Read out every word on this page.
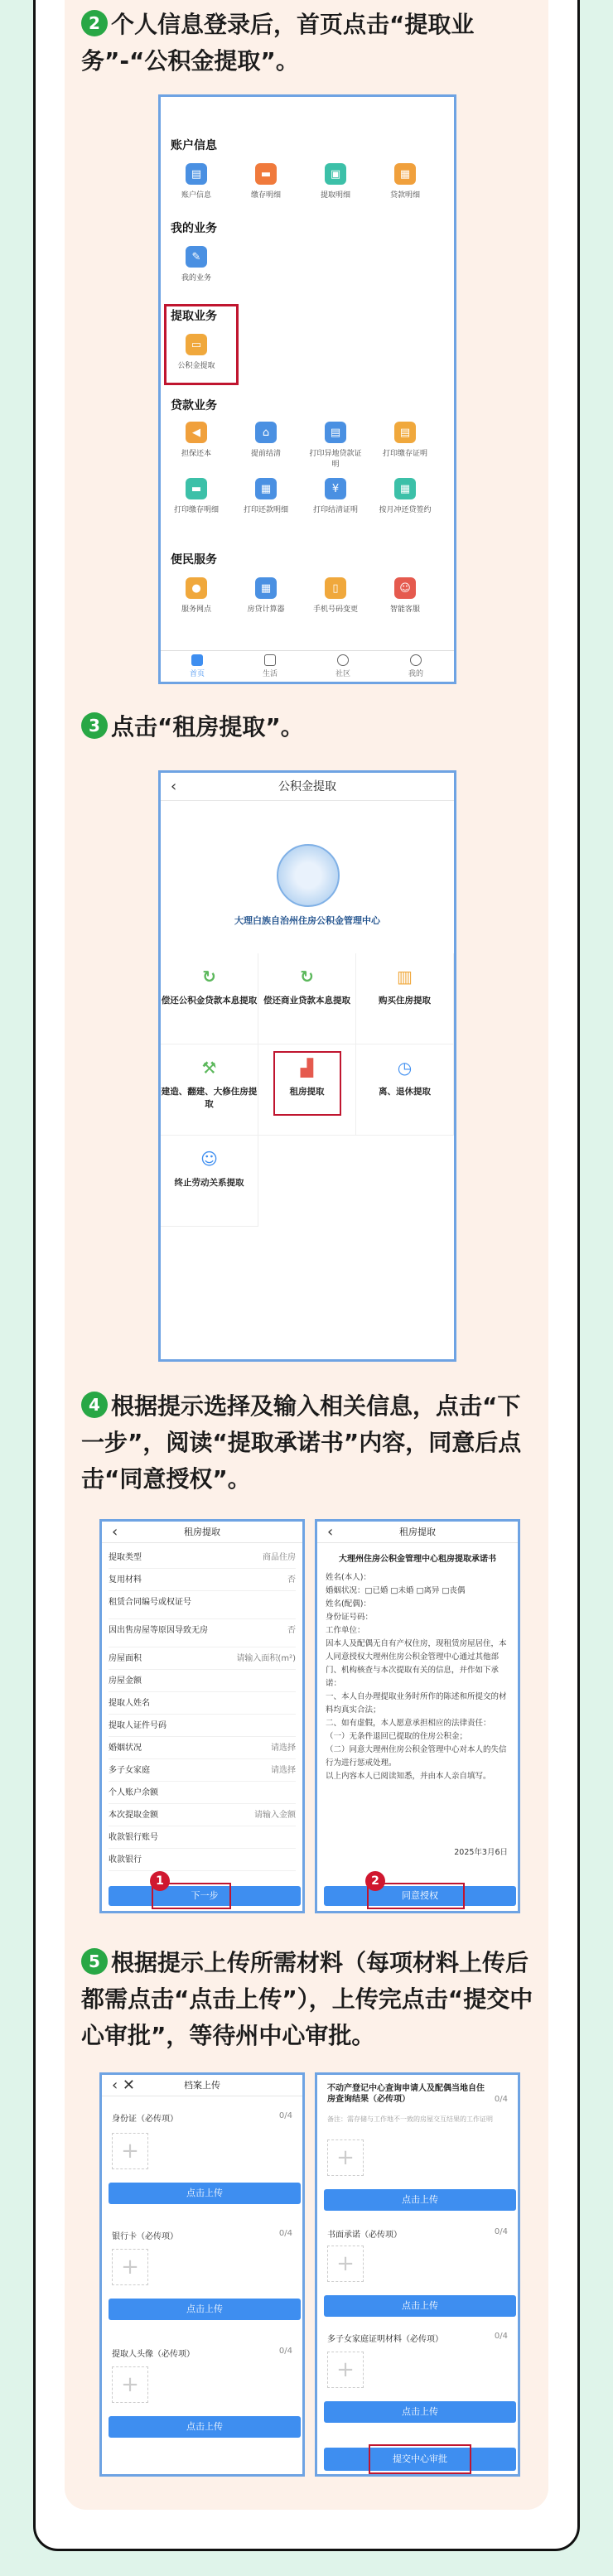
2 个人信息登录后，首页点击“提取业务”-“公积金提取”。
账户信息
▤
账户信息
▬
缴存明细
▣
提取明细
▦
贷款明细
我的业务
✎
我的业务
提取业务
▭
公积金提取
贷款业务
◀
担保还本
⌂
提前结清
▤
打印异地贷款证明
▤
打印缴存证明
▬
打印缴存明细
▦
打印还款明细
¥
打印结清证明
▦
按月冲还贷签约
便民服务
●
服务网点
▦
房贷计算器
▯
手机号码变更
☺
智能客服
首页	生活	社区	我的
3 点击“租房提取”。
‹	公积金提取
大理白族自治州住房公积金管理中心
↻
偿还公积金贷款本息提取
↻
偿还商业贷款本息提取
▥
购买住房提取
⚒
建造、翻建、大修住房提取
▟
租房提取
◷
离、退休提取
☺
终止劳动关系提取
4 根据提示选择及输入相关信息，点击“下一步”，阅读“提取承诺书”内容，同意后点击“同意授权”。
‹	租房提取
提取类型	商品住房
复用材料	否
租赁合同编号或权证号
因出售房屋等原因导致无房	否
房屋面积	请输入面积(m²)
房屋金额
提取人姓名
提取人证件号码
婚姻状况	请选择
多子女家庭	请选择
个人账户余额
本次提取金额	请输入金额
收款银行账号
收款银行
下一步
1
‹	租房提取
大理州住房公积金管理中心租房提取承诺书
姓名(本人)：
婚姻状况：□已婚 □未婚 □离异 □丧偶
姓名(配偶)：
身份证号码：
工作单位：
因本人及配偶无自有产权住房，现租赁房屋居住，本人同意授权大理州住房公积金管理中心通过其他部门、机构核查与本次提取有关的信息，并作如下承诺：
一、本人自办理提取业务时所作的陈述和所提交的材料均真实合法；
二、如有虚假，本人愿意承担相应的法律责任：
（一）无条件退回已提取的住房公积金；
（二）同意大理州住房公积金管理中心对本人的失信行为进行惩戒处理。
以上内容本人已阅读知悉，并由本人亲自填写。
2025年3月6日
同意授权
2
5 根据提示上传所需材料（每项材料上传后都需点击“点击上传”），上传完点击“提交中心审批”，等待州中心审批。
‹ ✕	档案上传
身份证（必传项）	0/4
+
点击上传
银行卡（必传项）	0/4
+
点击上传
提取人头像（必传项）	0/4
+
点击上传
不动产登记中心查询申请人及配偶当地自住房查询结果（必传项）	0/4
备注：需存储与工作地不一致的房屋交互结果的工作证明
+
点击上传
书面承诺（必传项）	0/4
+
点击上传
多子女家庭证明材料（必传项）	0/4
+
点击上传
提交中心审批
